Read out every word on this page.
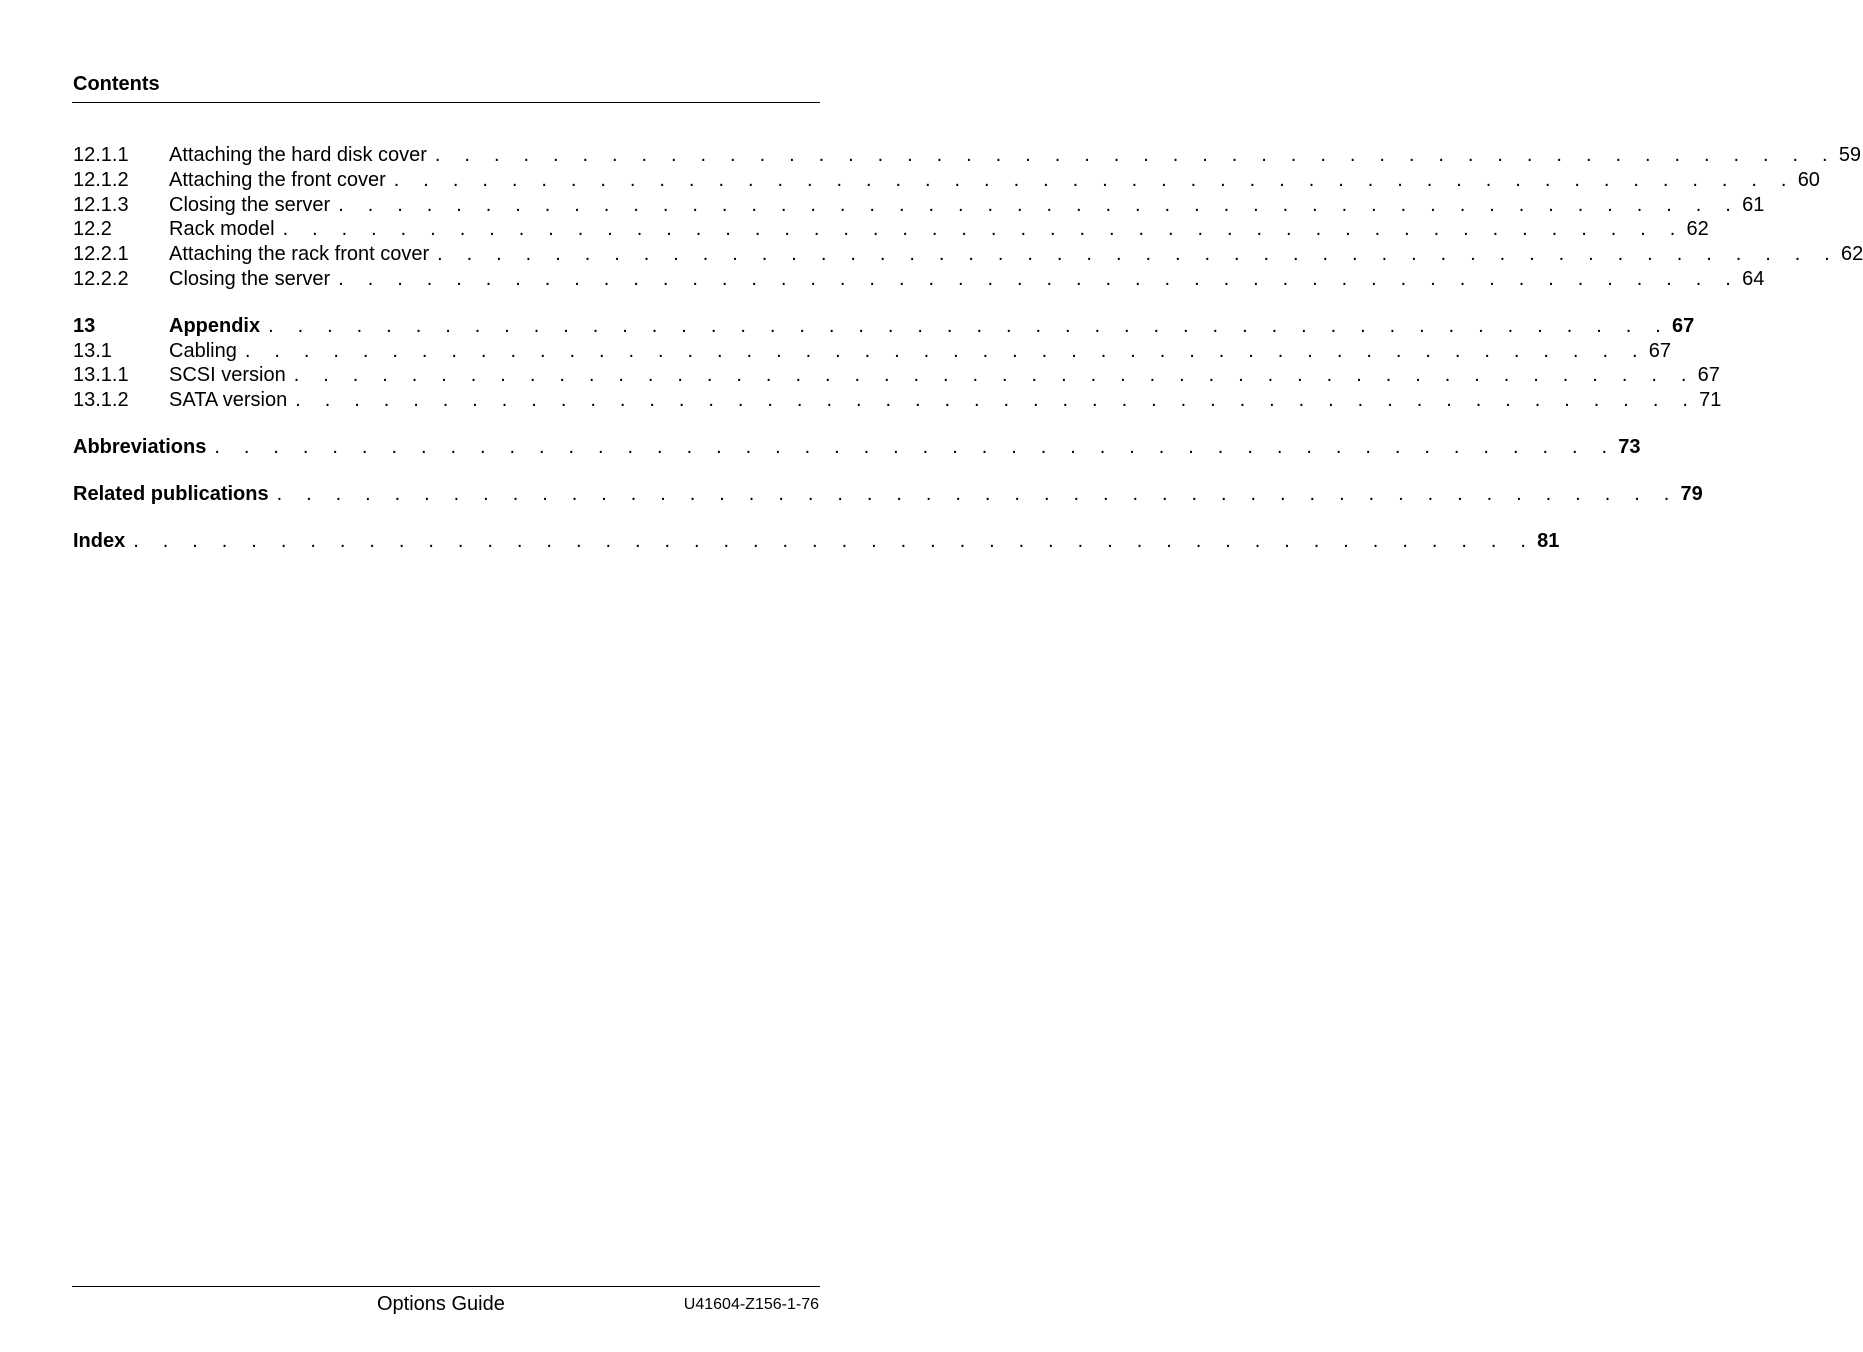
Contents
12.1.1 Attaching the hard disk cover . . . . . . . . . . . . . . . . . . . . . . . . . . . . . . . . . . . . . . . . . . . . . . . . 59
12.1.2 Attaching the front cover . . . . . . . . . . . . . . . . . . . . . . . . . . . . . . . . . . . . . . . . . . . . . . . . 60
12.1.3 Closing the server . . . . . . . . . . . . . . . . . . . . . . . . . . . . . . . . . . . . . . . . . . . . . . . . 61
12.2	Rack model . . . . . . . . . . . . . . . . . . . . . . . . . . . . . . . . . . . . . . . . . . . . . . . . 62
12.2.1 Attaching the rack front cover . . . . . . . . . . . . . . . . . . . . . . . . . . . . . . . . . . . . . . . . . . . . . . . . 62
12.2.2 Closing the server . . . . . . . . . . . . . . . . . . . . . . . . . . . . . . . . . . . . . . . . . . . . . . . . 64
13	Appendix . . . . . . . . . . . . . . . . . . . . . . . . . . . . . . . . . . . . . . . . . . . . . . . . 67
13.1	Cabling . . . . . . . . . . . . . . . . . . . . . . . . . . . . . . . . . . . . . . . . . . . . . . . . 67
13.1.1 SCSI version . . . . . . . . . . . . . . . . . . . . . . . . . . . . . . . . . . . . . . . . . . . . . . . . 67
13.1.2 SATA version . . . . . . . . . . . . . . . . . . . . . . . . . . . . . . . . . . . . . . . . . . . . . . . . 71
Abbreviations . . . . . . . . . . . . . . . . . . . . . . . . . . . . . . . . . . . . . . . . . . . . . . . . 73
Related publications . . . . . . . . . . . . . . . . . . . . . . . . . . . . . . . . . . . . . . . . . . . . . . . . 79
Index . . . . . . . . . . . . . . . . . . . . . . . . . . . . . . . . . . . . . . . . . . . . . . . . 81
Options Guide	U41604-Z156-1-76
